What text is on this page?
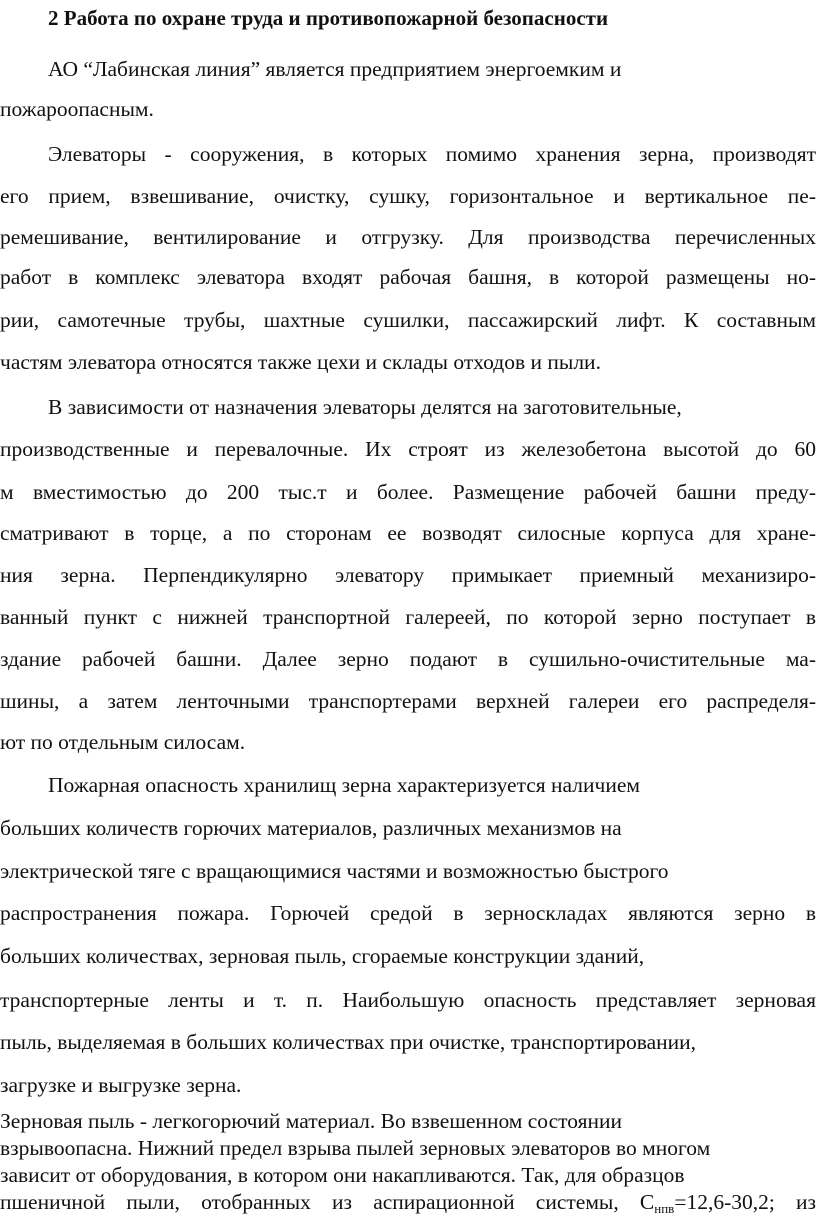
2 Работа по охране труда и противопожарной безопасности
АО “Лабинская линия” является предприятием энергоемким и
пожароопасным.
Элеваторы - сооружения, в которых помимо хранения зерна, производят
его прием, взвешивание, очистку, сушку, горизонтальное и вертикальное пе-
ремешивание, вентилирование и отгрузку. Для производства перечисленных
работ в комплекс элеватора входят рабочая башня, в которой размещены но-
рии, самотечные трубы, шахтные сушилки, пассажирский лифт. К составным
частям элеватора относятся также цехи и склады отходов и пыли.
В зависимости от назначения элеваторы делятся на заготовительные,
производственные и перевалочные. Их строят из железобетона высотой до 60
м вместимостью до 200 тыс.т и более. Размещение рабочей башни преду-
сматривают в торце, а по сторонам ее возводят силосные корпуса для хране-
ния зерна. Перпендикулярно элеватору примыкает приемный механизиро-
ванный пункт с нижней транспортной галереей, по которой зерно поступает в
здание рабочей башни. Далее зерно подают в сушильно-очистительные ма-
шины, а затем ленточными транспортерами верхней галереи его распределя-
ют по отдельным силосам.
Пожарная опасность хранилищ зерна характеризуется наличием
больших количеств горючих материалов, различных механизмов на
электрической тяге с вращающимися частями и возможностью быстрого
распространения пожара. Горючей средой в зерноскладах являются зерно в
больших количествах, зерновая пыль, сгораемые конструкции зданий,
транспортерные ленты и т. п. Наибольшую опасность представляет зерновая
пыль, выделяемая в больших количествах при очистке, транспортировании,
загрузке и выгрузке зерна.
Зерновая пыль - легкогорючий материал. Во взвешенном состоянии
взрывоопасна. Нижний предел взрыва пылей зерновых элеваторов во многом
зависит от оборудования, в котором они накапливаются. Так, для образцов
пшеничной пыли, отобранных из аспирационной системы, $С_{нпв}=12,6-30,2$; из
